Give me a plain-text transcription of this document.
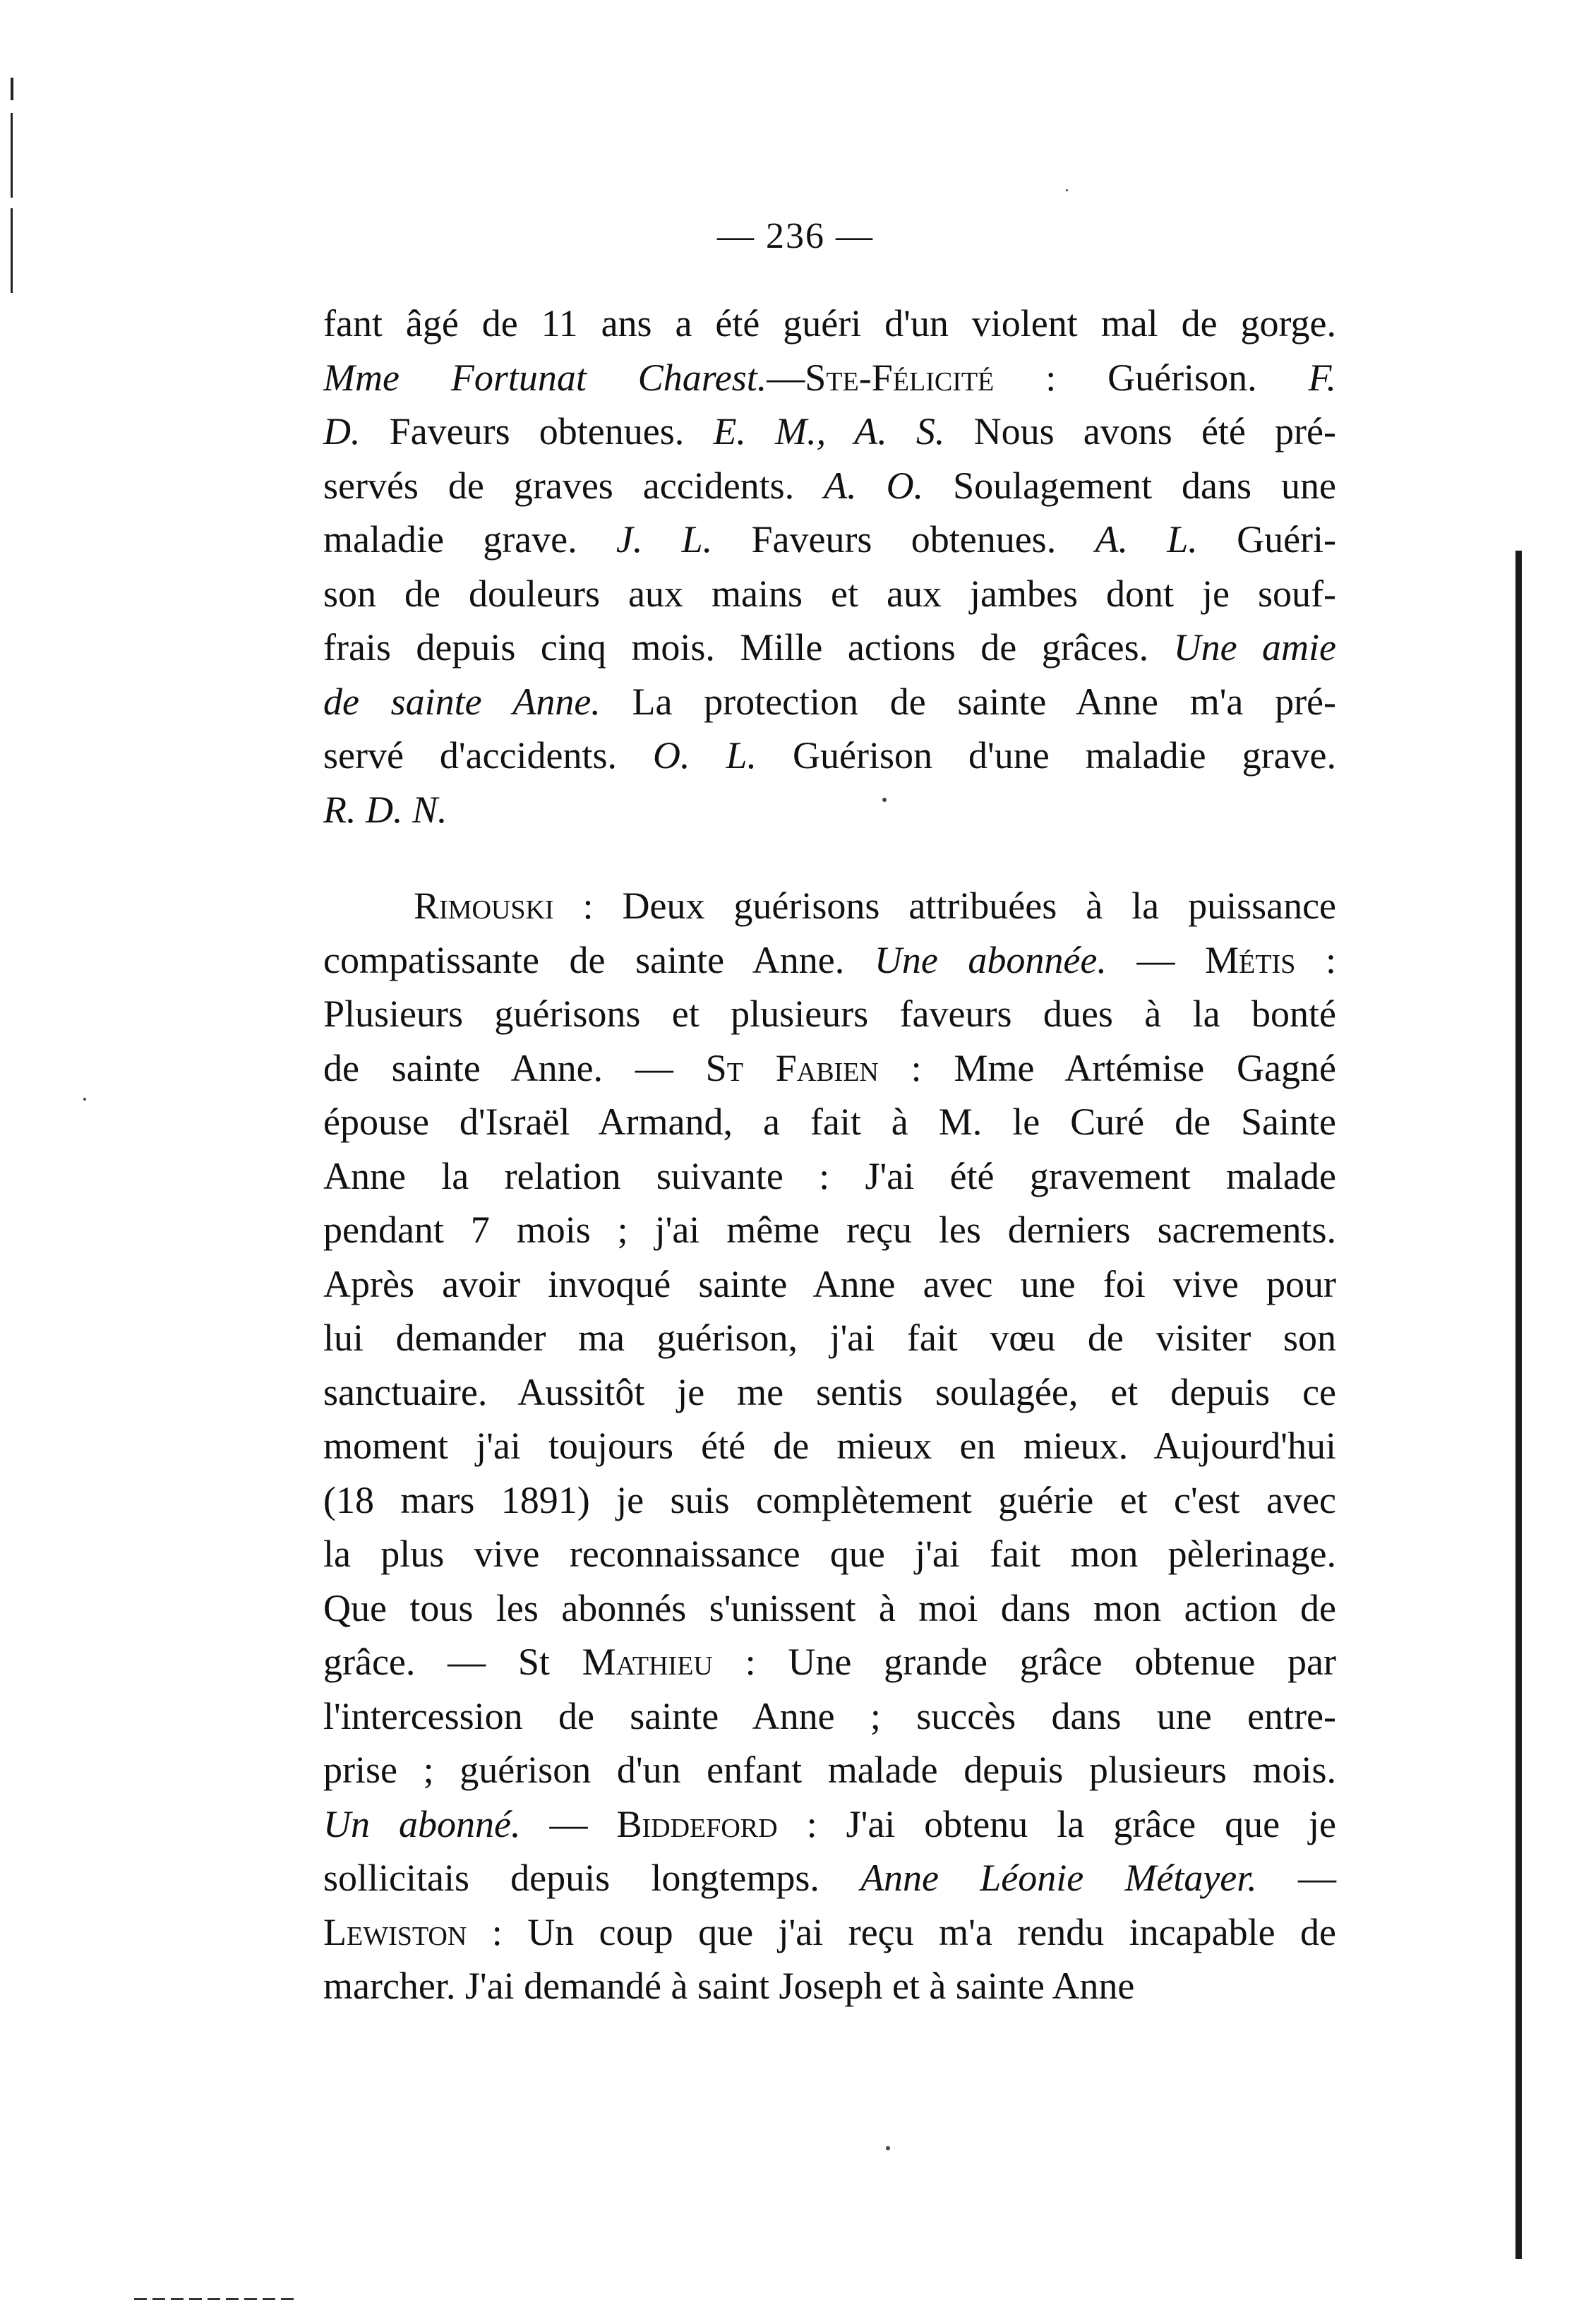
— 236 —
fant âgé de 11 ans a été guéri d'un violent mal de gorge.
Mme Fortunat Charest.—Ste-Félicité : Guérison. F.
D. Faveurs obtenues. E. M., A. S. Nous avons été pré-
servés de graves accidents. A. O. Soulagement dans une
maladie grave. J. L. Faveurs obtenues. A. L. Guéri-
son de douleurs aux mains et aux jambes dont je souf-
frais depuis cinq mois. Mille actions de grâces. Une amie
de sainte Anne. La protection de sainte Anne m'a pré-
servé d'accidents. O. L. Guérison d'une maladie grave.
R. D. N.
Rimouski : Deux guérisons attribuées à la puissance
compatissante de sainte Anne. Une abonnée. — Métis :
Plusieurs guérisons et plusieurs faveurs dues à la bonté
de sainte Anne. — St Fabien : Mme Artémise Gagné
épouse d'Israël Armand, a fait à M. le Curé de Sainte
Anne la relation suivante : J'ai été gravement malade
pendant 7 mois ; j'ai même reçu les derniers sacrements.
Après avoir invoqué sainte Anne avec une foi vive pour
lui demander ma guérison, j'ai fait vœu de visiter son
sanctuaire. Aussitôt je me sentis soulagée, et depuis ce
moment j'ai toujours été de mieux en mieux. Aujourd'hui
(18 mars 1891) je suis complètement guérie et c'est avec
la plus vive reconnaissance que j'ai fait mon pèlerinage.
Que tous les abonnés s'unissent à moi dans mon action de
grâce. — St Mathieu : Une grande grâce obtenue par
l'intercession de sainte Anne ; succès dans une entre-
prise ; guérison d'un enfant malade depuis plusieurs mois.
Un abonné. — Biddeford : J'ai obtenu la grâce que je
sollicitais depuis longtemps. Anne Léonie Métayer. —
Lewiston : Un coup que j'ai reçu m'a rendu incapable de
marcher. J'ai demandé à saint Joseph et à sainte Anne
